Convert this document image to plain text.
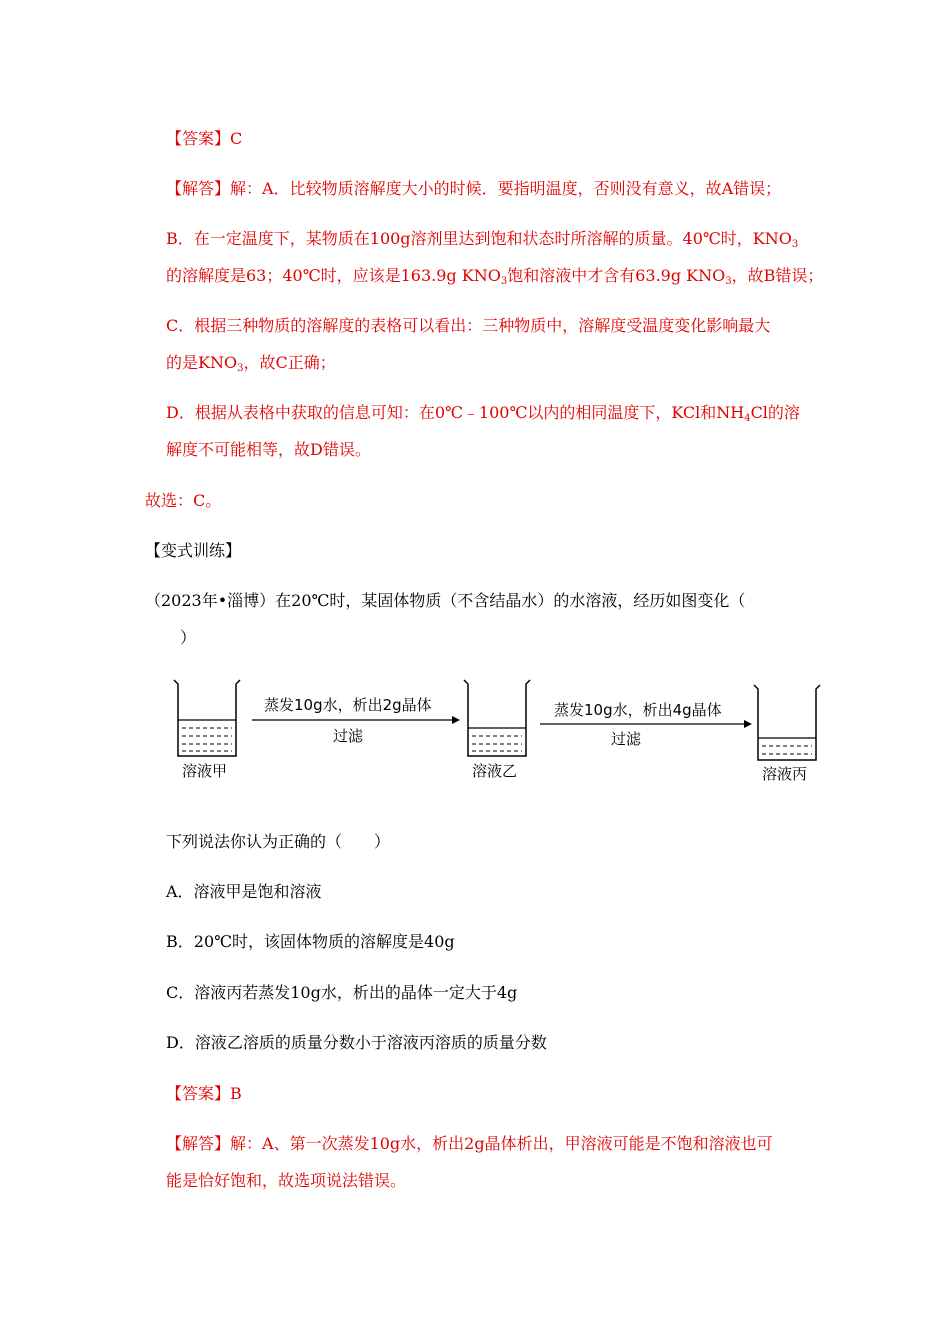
【答案】C
【解答】解：A．比较物质溶解度大小的时候．要指明温度，否则没有意义，故A错误；
B．在一定温度下，某物质在100g溶剂里达到饱和状态时所溶解的质量。40℃时，$KNO_3$
的溶解度是63；40℃时，应该是163.9g $KNO_3$饱和溶液中才含有63.9g $KNO_3$，故B错误；
C．根据三种物质的溶解度的表格可以看出：三种物质中，溶解度受温度变化影响最大
的是$KNO_3$，故C正确；
D．根据从表格中获取的信息可知：在0℃﹣100℃以内的相同温度下，KCl和$NH_4Cl$的溶
解度不可能相等，故D错误。
故选：C。
【变式训练】
（2023年•淄博）在20℃时，某固体物质（不含结晶水）的水溶液，经历如图变化（
）
溶液甲
蒸发10g水，析出2g晶体
过滤
溶液乙
蒸发10g水，析出4g晶体
过滤
溶液丙
下列说法你认为正确的（　　）
A．溶液甲是饱和溶液
B．20℃时，该固体物质的溶解度是40g
C．溶液丙若蒸发10g水，析出的晶体一定大于4g
D．溶液乙溶质的质量分数小于溶液丙溶质的质量分数
【答案】B
【解答】解：A、第一次蒸发10g水，析出2g晶体析出，甲溶液可能是不饱和溶液也可
能是恰好饱和，故选项说法错误。
